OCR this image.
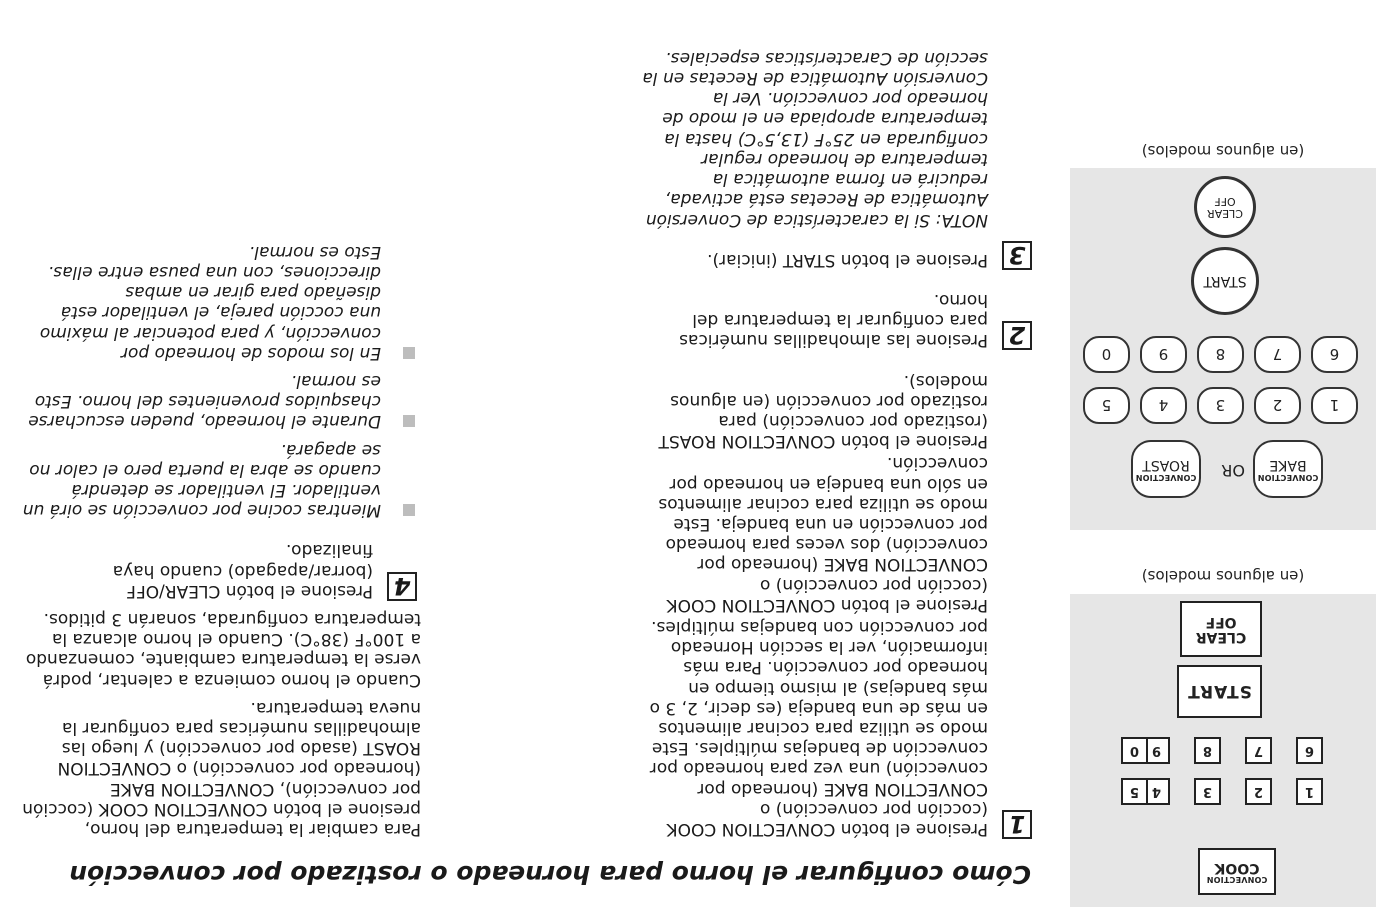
Cómo configurar el horno para horneado o rostizado por convección	CONVECTION
COOK
1
2
3
4
5
6
7
8
9
0
START
CLEAR
OFF
(en algunos modelos)
CONVECTION
BAKE
OR
CONVECTION
ROAST
1
2
3
4
5
6
7
8
9
0
START
CLEAR
OFF
(en algunos modelos)
1

Presione el botón CONVECTION COOK (cocción por convección) o CONVECTION BAKE (horneado por convección) una vez para horneado por convección de bandejas múltiples. Este modo se utiliza para cocinar alimentos en más de una bandeja (es decir, 2, 3 o más bandejas) al mismo tiempo en horneado por convección. Para más información, ver la sección Horneado por convección con bandejas múltiples.

Presione el botón CONVECTION COOK (cocción por convección) o CONVECTION BAKE (horneado por convección) dos veces para horneado por convección en una bandeja. Este modo se utiliza para cocinar alimentos en sólo una bandeja en horneado por convección.

Presione el botón CONVECTION ROAST (rostizado por convección) para rostizado por convección (en algunos modelos).

2

Presione las almohadillas numéricas para configurar la temperatura del horno.

3

Presione el botón START (iniciar).

NOTA: Si la característica de Conversión Automática de Recetas está activada, reducirá en forma automática la temperatura de horneado regular configurada en 25°F (13,5°C) hasta la temperatura apropiada en el modo de horneado por convección. Ver la Conversión Automática de Recetas en la sección de Características especiales.

Para cambiar la temperatura del horno, presione el botón CONVECTION COOK (cocción por convección), CONVECTION BAKE (horneado por convección) o CONVECTION ROAST (asado por convección) y luego las almohadillas numéricas para configurar la nueva temperatura.

Cuando el horno comienza a calentar, podrá verse la temperatura cambiante, comenzando a 100°F (38°C). Cuando el horno alcanza la temperatura configurada, sonarán 3 pitidos.

4

Presione el botón CLEAR/OFF (borrar/apagado) cuando haya finalizado.

Mientras cocine por convección se oirá un ventilador. El ventilador se detendrá cuando se abra la puerta pero el calor no se apagará.
Durante el horneado, pueden escucharse chasquidos provenientes del horno. Esto es normal.
En los modos de horneado por convección, y para potenciar al máximo una cocción pareja, el ventilador está diseñado para girar en ambas direcciones, con una pausa entre ellas. Esto es normal.
